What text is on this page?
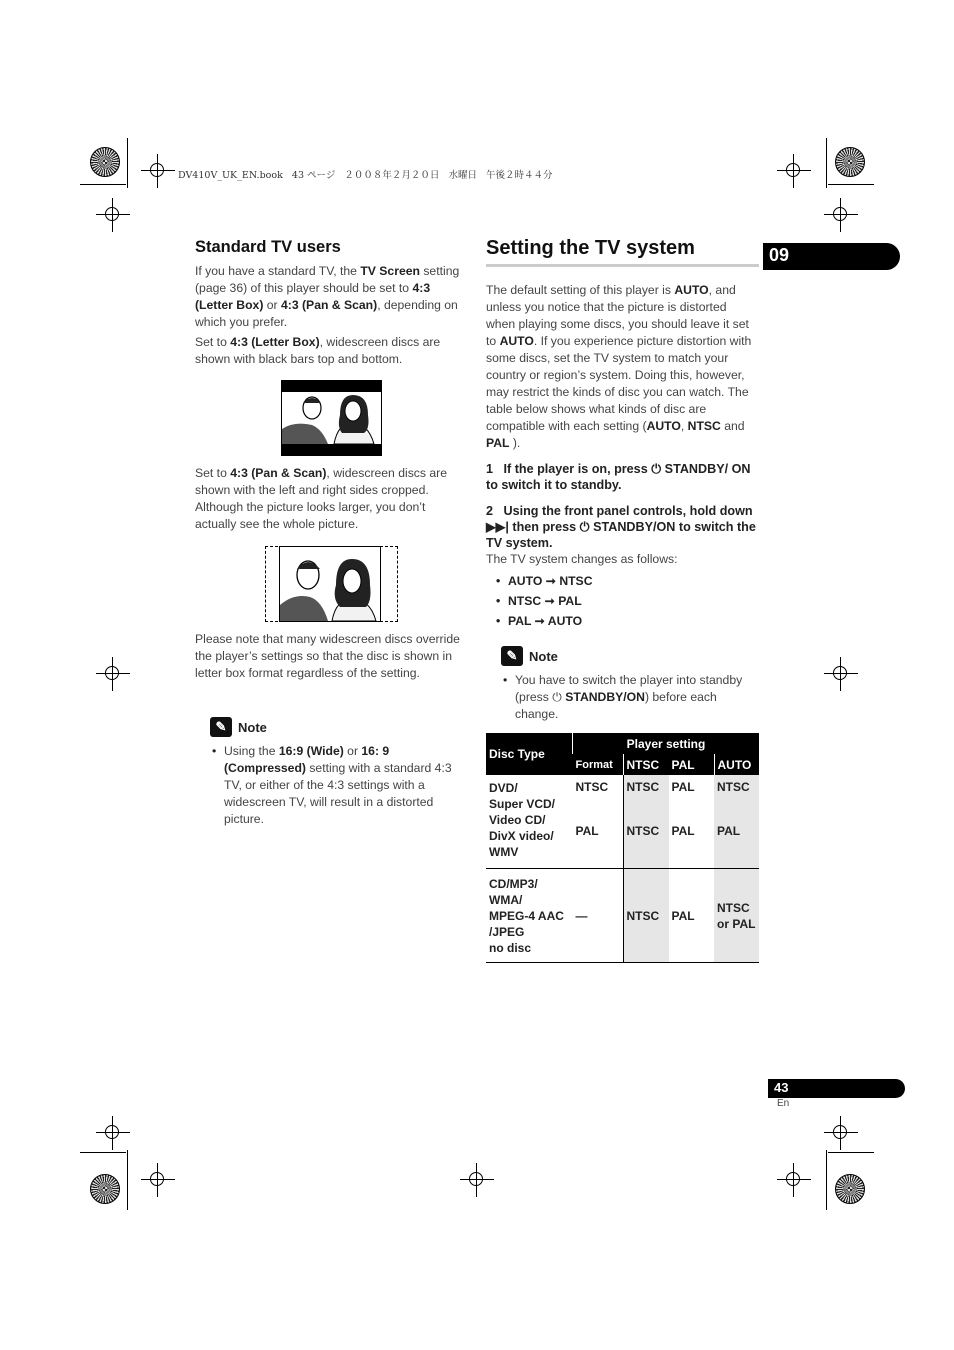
DV410V_UK_EN.book   43 ページ   ２００８年２月２０日   水曜日   午後２時４４分
09
Standard TV users
If you have a standard TV, the TV Screen setting (page 36) of this player should be set to 4:3 (Letter Box) or 4:3 (Pan & Scan), depending on which you prefer.
Set to 4:3 (Letter Box), widescreen discs are shown with black bars top and bottom.
Set to 4:3 (Pan & Scan), widescreen discs are shown with the left and right sides cropped. Although the picture looks larger, you don’t actually see the whole picture.
Please note that many widescreen discs override the player’s settings so that the disc is shown in letter box format regardless of the setting.
✎ Note
• Using the 16:9 (Wide) or 16: 9 (Compressed) setting with a standard 4:3 TV, or either of the 4:3 settings with a widescreen TV, will result in a distorted picture.
Setting the TV system
The default setting of this player is AUTO, and unless you notice that the picture is distorted when playing some discs, you should leave it set to AUTO. If you experience picture distortion with some discs, set the TV system to match your country or region’s system. Doing this, however, may restrict the kinds of disc you can watch. The table below shows what kinds of disc are compatible with each setting (AUTO, NTSC and PAL ).
1 If the player is on, press ⏻ STANDBY/ ON to switch it to standby.
2 Using the front panel controls, hold down ▶▶| then press ⏻ STANDBY/ON to switch the TV system.
The TV system changes as follows:
• AUTO ➞ NTSC
• NTSC ➞ PAL
• PAL ➞ AUTO
✎ Note
• You have to switch the player into standby (press ⏻ STANDBY/ON) before each change.
Disc Type	Player setting			
	Format	NTSC	PAL	AUTO

DVD/
Super VCD/
Video CD/
DivX video/
WMV	NTSC	NTSC	PAL	NTSC
	PAL	NTSC	PAL	PAL

CD/MP3/
WMA/
MPEG-4 AAC
/JPEG
no disc	—	NTSC	PAL	NTSC or PAL
43
En
